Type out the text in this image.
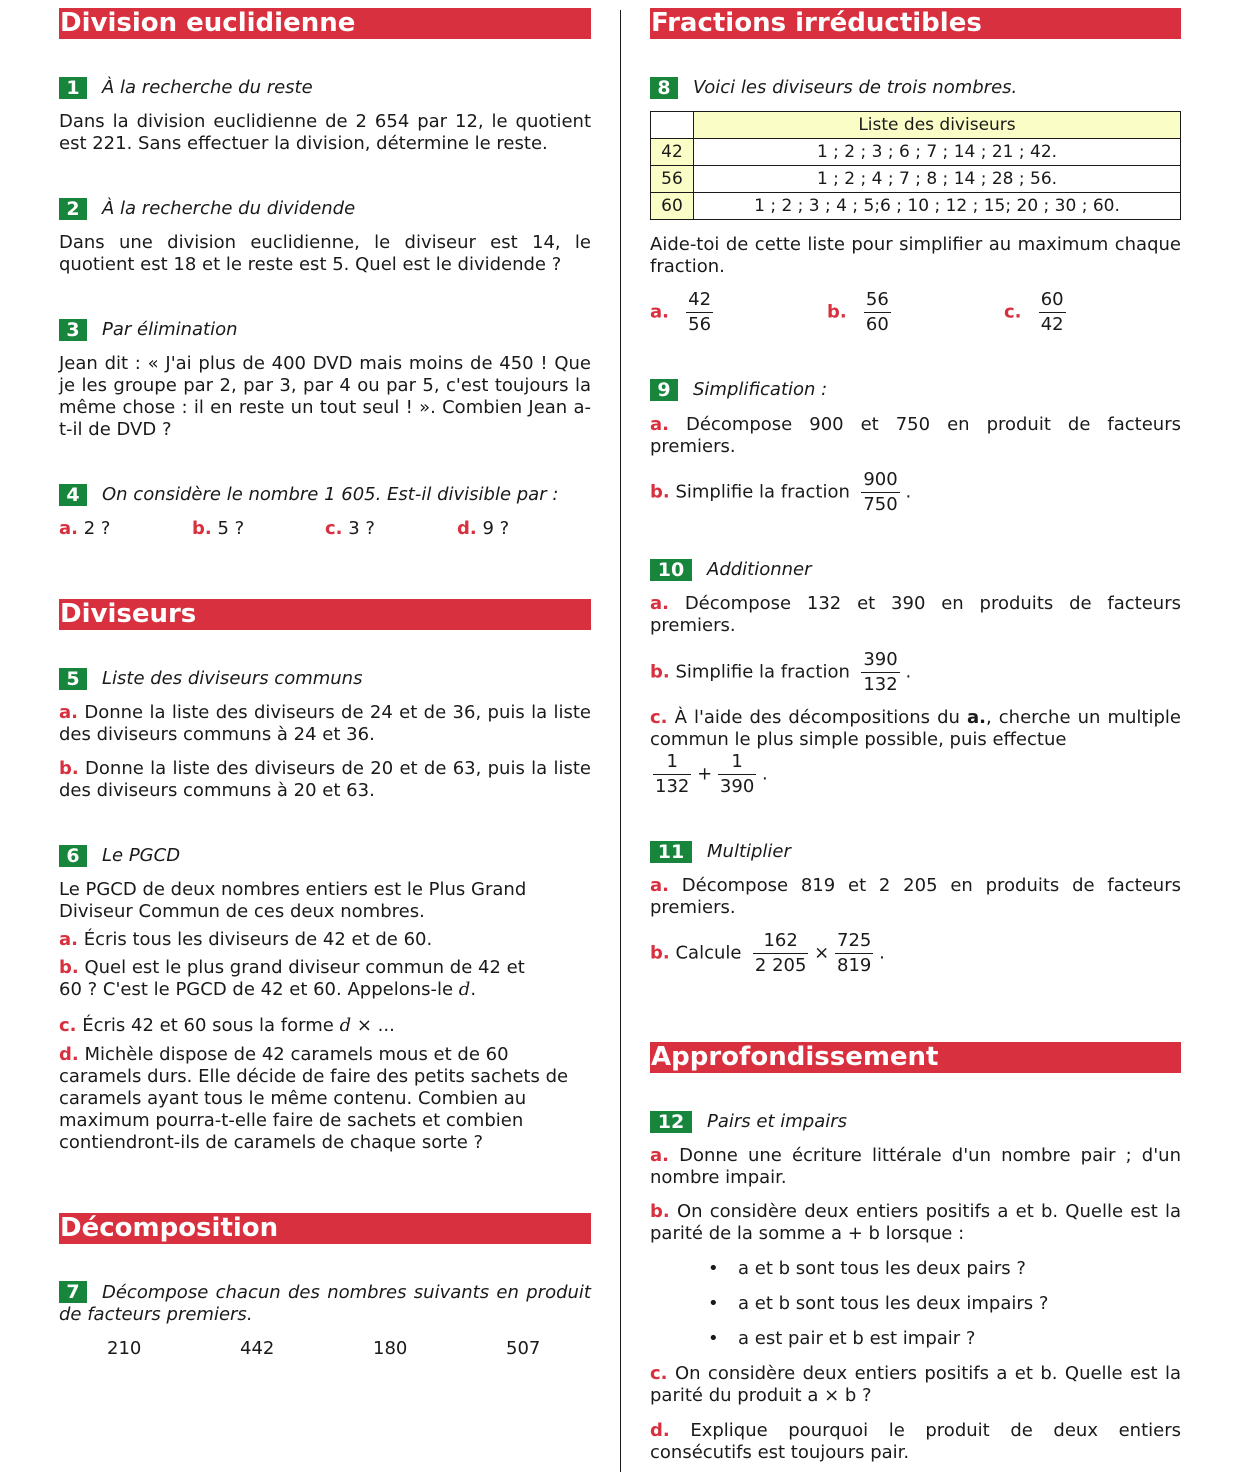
Division euclidienne
1	À la recherche du reste
Dans la division euclidienne de 2 654 par 12, le quotient est 221. Sans effectuer la division, détermine le reste.
2	À la recherche du dividende
Dans une division euclidienne, le diviseur est 14, le quotient est 18 et le reste est 5. Quel est le dividende ?
3	Par élimination
Jean dit : « J'ai plus de 400 DVD mais moins de 450 ! Que je les groupe par 2, par 3, par 4 ou par 5, c'est toujours la même chose : il en reste un tout seul ! ». Combien Jean a-t-il de DVD ?
4	On considère le nombre 1 605. Est-il divisible par :
a. 2 ?	b. 5 ?	c. 3 ?	d. 9 ?
Diviseurs
5	Liste des diviseurs communs
a. Donne la liste des diviseurs de 24 et de 36, puis la liste des diviseurs communs à 24 et 36.
b. Donne la liste des diviseurs de 20 et de 63, puis la liste des diviseurs communs à 20 et 63.
6	Le PGCD
Le PGCD de deux nombres entiers est le Plus Grand Diviseur Commun de ces deux nombres.
a. Écris tous les diviseurs de 42 et de 60.
b. Quel est le plus grand diviseur commun de 42 et
60 ? C'est le PGCD de 42 et 60. Appelons-le d.
c. Écris 42 et 60 sous la forme d × ...
d. Michèle dispose de 42 caramels mous et de 60 caramels durs. Elle décide de faire des petits sachets de caramels ayant tous le même contenu. Combien au maximum pourra-t-elle faire de sachets et combien contiendront-ils de caramels de chaque sorte ?
Décomposition
7 Décompose chacun des nombres suivants en produit de facteurs premiers.
210	442	180	507
Fractions irréductibles
8	Voici les diviseurs de trois nombres.
	Liste des diviseurs
42	1 ; 2 ; 3 ; 6 ; 7 ; 14 ; 21 ; 42.
56	1 ; 2 ; 4 ; 7 ; 8 ; 14 ; 28 ; 56.
60	1 ; 2 ; 3 ; 4 ; 5;6 ; 10 ; 12 ; 15; 20 ; 30 ; 60.
Aide-toi de cette liste pour simplifier au maximum chaque fraction.
a. $\frac{42}{56}$	b. $\frac{56}{60}$	c. $\frac{60}{42}$
9	Simplification :
a. Décompose 900 et 750 en produit de facteurs premiers.
b. Simplifie la fraction $\frac{900}{750}$ .
10	Additionner
a. Décompose 132 et 390 en produits de facteurs premiers.
b. Simplifie la fraction $\frac{390}{132}$ .
c. À l'aide des décompositions du a., cherche un multiple commun le plus simple possible, puis effectue
$\frac{1}{132} + \frac{1}{390}$ .
11	Multiplier
a. Décompose 819 et 2 205 en produits de facteurs premiers.
b. Calcule $\frac{162}{2 205} \times \frac{725}{819}$ .
Approfondissement
12	Pairs et impairs
a. Donne une écriture littérale d'un nombre pair ; d'un nombre impair.
b. On considère deux entiers positifs a et b. Quelle est la parité de la somme a + b lorsque :
• a et b sont tous les deux pairs ?
• a et b sont tous les deux impairs ?
• a est pair et b est impair ?
c. On considère deux entiers positifs a et b. Quelle est la parité du produit a × b ?
d. Explique pourquoi le produit de deux entiers consécutifs est toujours pair.
